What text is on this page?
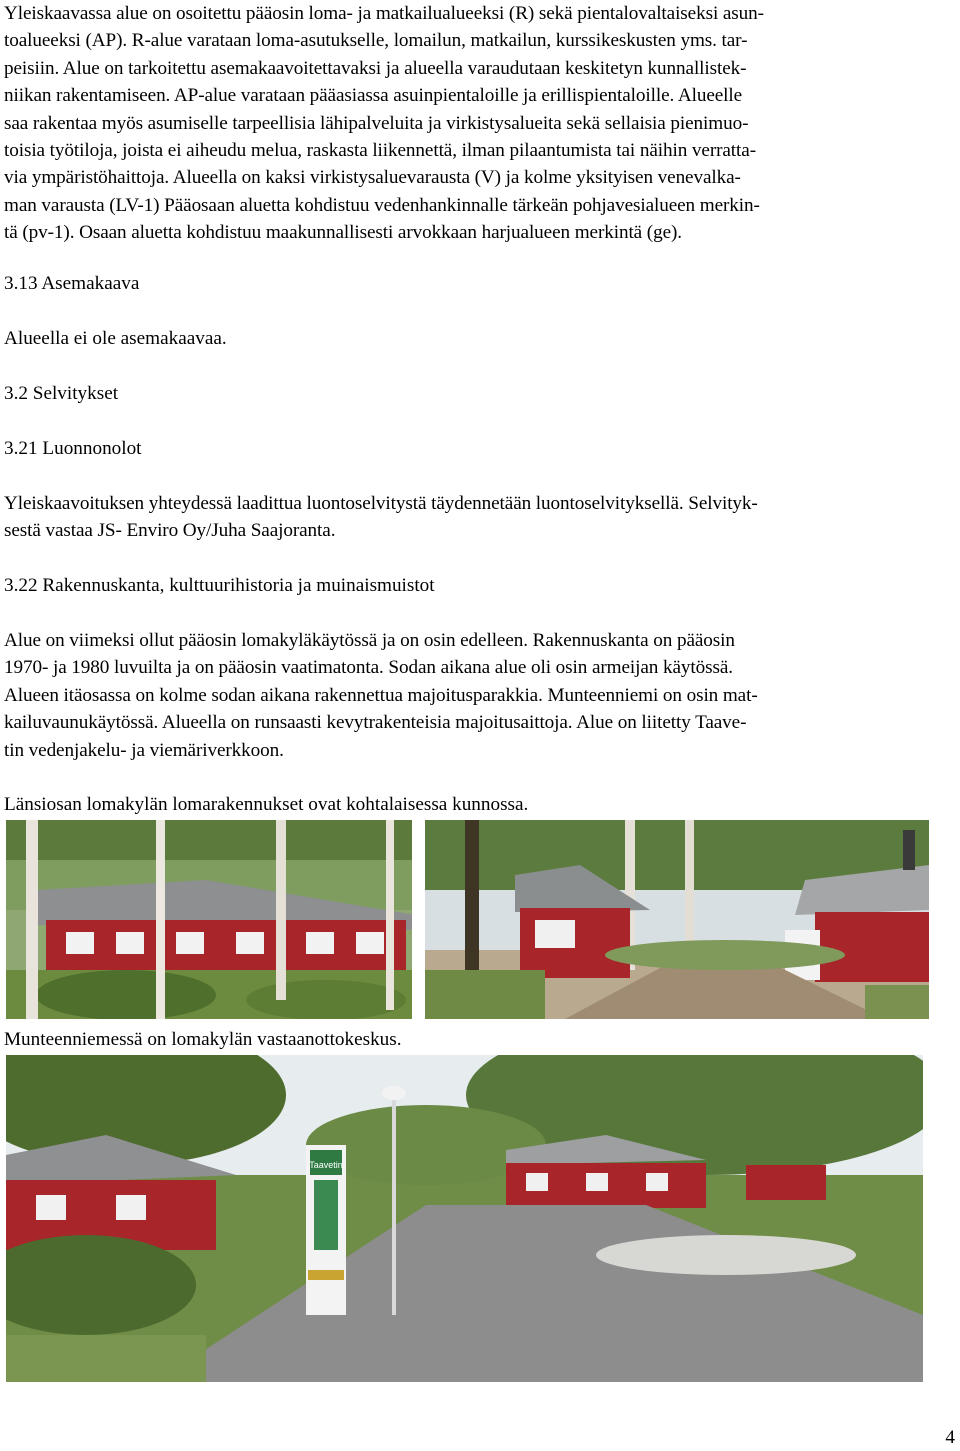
Yleiskaavassa alue on osoitettu pääosin loma- ja matkailualueeksi (R) sekä pientalovaltaiseksi asun-
toalueeksi (AP). R-alue varataan loma-asutukselle, lomailun, matkailun, kurssikeskusten yms. tar-
peisiin. Alue on tarkoitettu asemakaavoitettavaksi ja alueella varaudutaan keskitetyn kunnallistek-
niikan rakentamiseen. AP-alue varataan pääasiassa asuinpientaloille ja erillispientaloille. Alueelle
saa rakentaa myös asumiselle tarpeellisia lähipalveluita ja virkistysalueita sekä sellaisia pienimuo-
toisia työtiloja, joista ei aiheudu melua, raskasta liikennettä, ilman pilaantumista tai näihin verratta-
via ympäristöhaittoja. Alueella on kaksi virkistysaluevarausta (V) ja kolme yksityisen venevalka-
man varausta (LV-1) Pääosaan aluetta kohdistuu vedenhankinnalle tärkeän pohjavesialueen merkin-
tä (pv-1). Osaan aluetta kohdistuu maakunnallisesti arvokkaan harjualueen merkintä (ge).

3.13 Asemakaava

Alueella ei ole asemakaavaa.

3.2 Selvitykset

3.21 Luonnonolot

Yleiskaavoituksen yhteydessä laadittua luontoselvitystä täydennetään luontoselvityksellä. Selvityk-
sestä vastaa JS- Enviro Oy/Juha Saajoranta.

3.22 Rakennuskanta, kulttuurihistoria ja muinaismuistot

Alue on viimeksi ollut pääosin lomakyläkäytössä ja on osin edelleen. Rakennuskanta on pääosin
1970- ja 1980 luvuilta ja on pääosin vaatimatonta. Sodan aikana alue oli osin armeijan käytössä.
Alueen itäosassa on kolme sodan aikana rakennettua majoitusparakkia. Munteenniemi on osin mat-
kailuvaunukäytössä. Alueella on runsaasti kevytrakenteisia majoitusaittoja. Alue on liitetty Taave-
tin vedenjakelu- ja viemäriverkkoon.

Länsiosan lomakylän lomarakennukset ovat kohtalaisessa kunnossa.

Munteenniemessä on lomakylän vastaanottokeskus.

Taavetin
4
